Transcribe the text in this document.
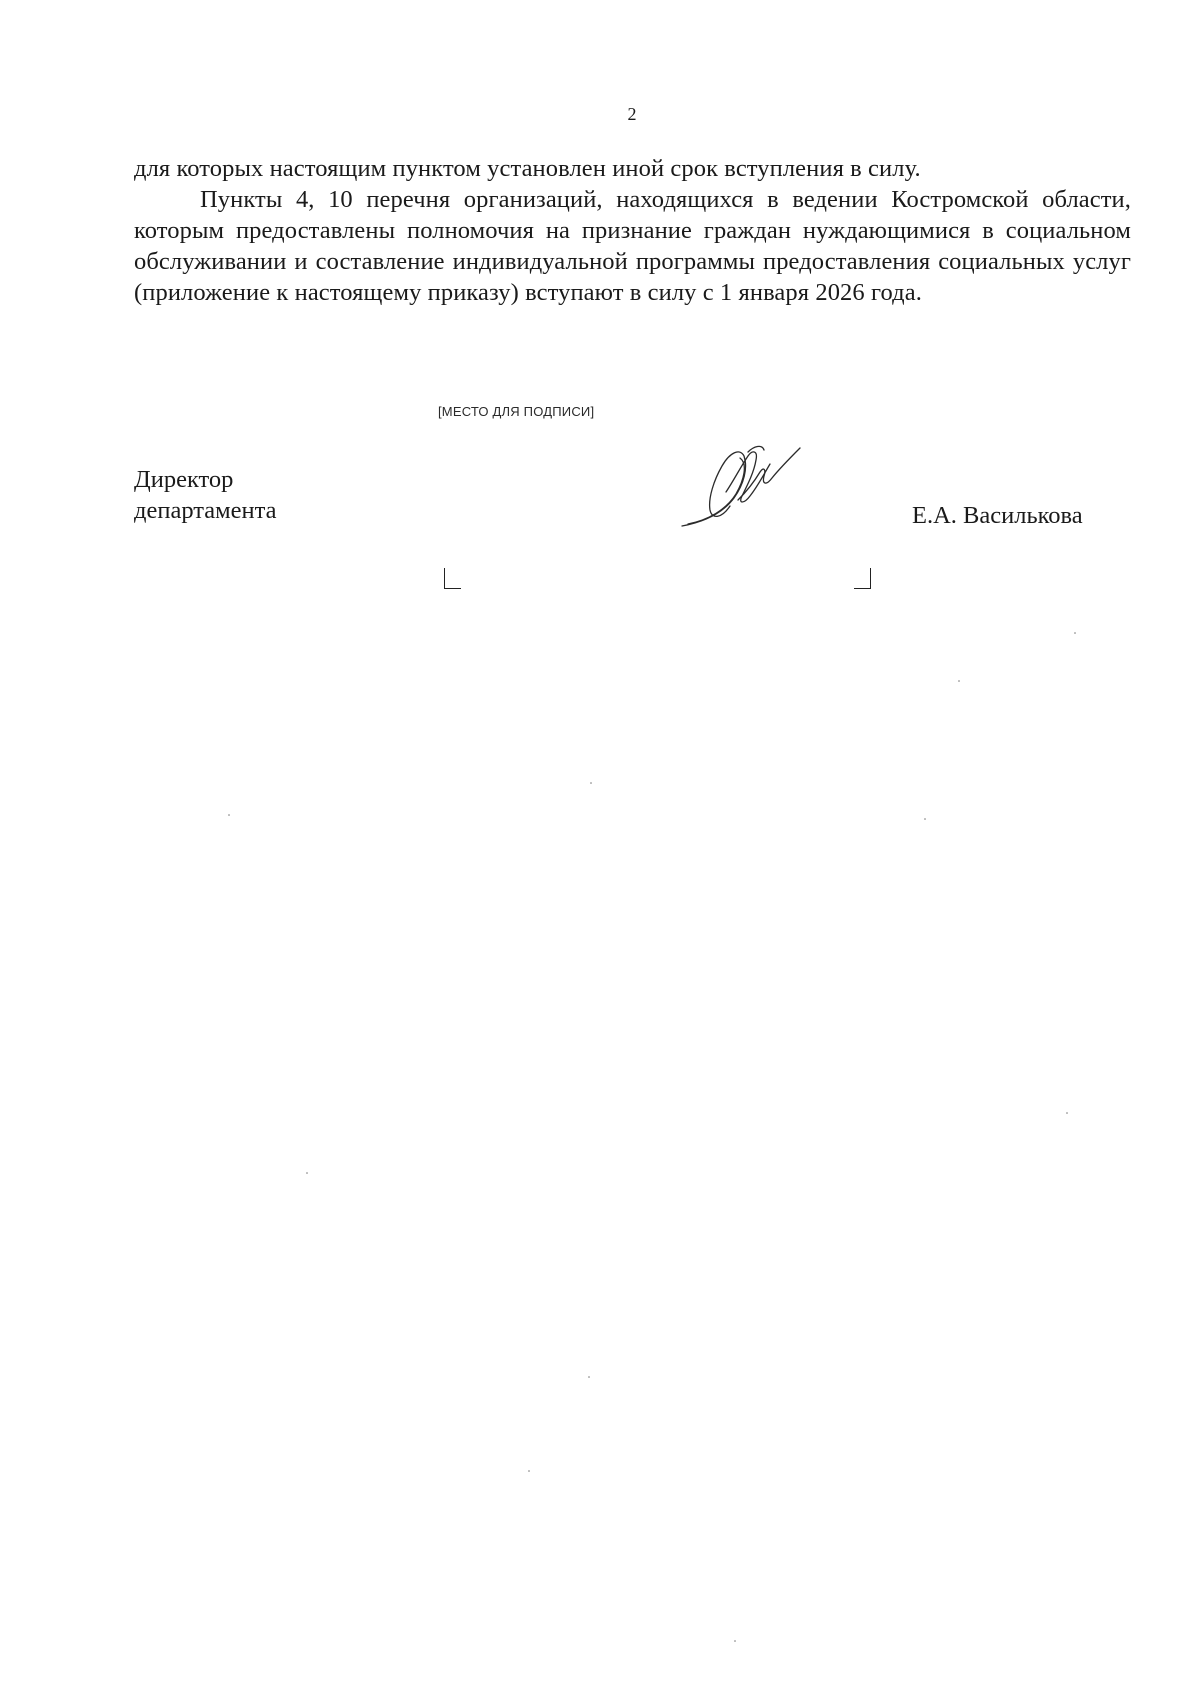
2

для которых настоящим пунктом установлен иной срок вступления в силу.

Пункты 4, 10 перечня организаций, находящихся в ведении Костромской области, которым предоставлены полномочия на признание граждан нуждающимися в социальном обслуживании и составление индивидуальной программы предоставления социальных услуг (приложение к настоящему приказу) вступают в силу с 1 января 2026 года.

[МЕСТО ДЛЯ ПОДПИСИ]
Директор
департамента	Е.А. Василькова
